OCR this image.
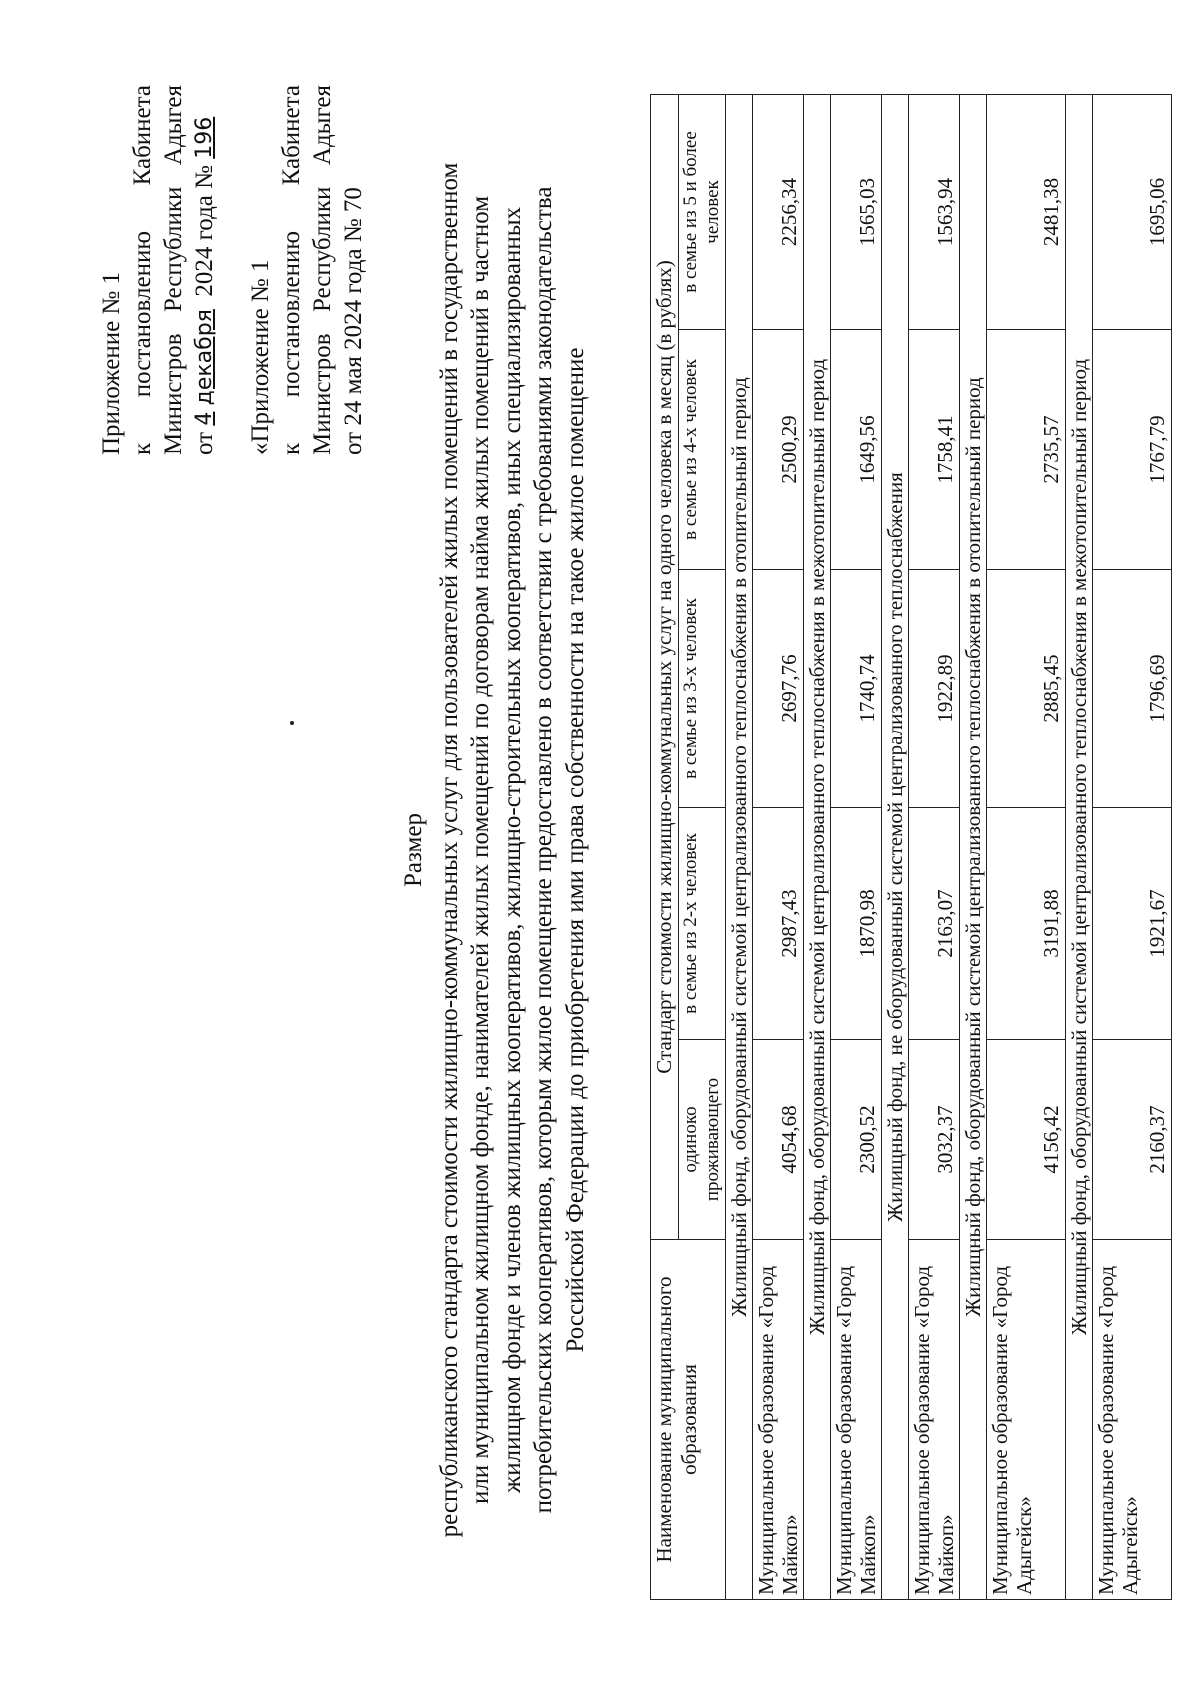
Приложение № 1 к
постановлению
Кабинета
Министров
Республики
Адыгея
от

4

декабря

2024 года №

196
«Приложение № 1 к
постановлению
Кабинета
Министров
Республики
Адыгея
от 24 мая 2024 года № 70
Размер республиканского стандарта стоимости жилищно-коммунальных услуг для пользователей жилых помещений в государственном или муниципальном жилищном фонде, нанимателей жилых помещений по договорам найма жилых помещений в частном жилищном фонде и членов жилищных кооперативов, жилищно-строительных кооперативов, иных специализированных потребительских кооперативов, которым жилое помещение предоставлено в соответствии с требованиями законодательства Российской Федерации до приобретения ими права собственности на такое жилое помещение
Наименование муниципального образования	Стандарт стоимости жилищно-коммунальных услуг на одного человека в месяц (в рублях)				
	одиноко проживающего	в семье из 2-х человек	в семье из 3-х человек	в семье из 4-х человек	в семье из 5 и более человек
Жилищный фонд, оборудованный системой централизованного теплоснабжения в отопительный период					
Муниципальное образование «Город Майкоп»	4054,68	2987,43	2697,76	2500,29	2256,34
Жилищный фонд, оборудованный системой централизованного теплоснабжения в межотопительный период					
Муниципальное образование «Город Майкоп»	2300,52	1870,98	1740,74	1649,56	1565,03
Жилищный фонд, не оборудованный системой централизованного теплоснабжения					
Муниципальное образование «Город Майкоп»	3032,37	2163,07	1922,89	1758,41	1563,94
Жилищный фонд, оборудованный системой централизованного теплоснабжения в отопительный период					
Муниципальное образование «Город Адыгейск»	4156,42	3191,88	2885,45	2735,57	2481,38
Жилищный фонд, оборудованный системой централизованного теплоснабжения в межотопительный период					
Муниципальное образование «Город Адыгейск»	2160,37	1921,67	1796,69	1767,79	1695,06
